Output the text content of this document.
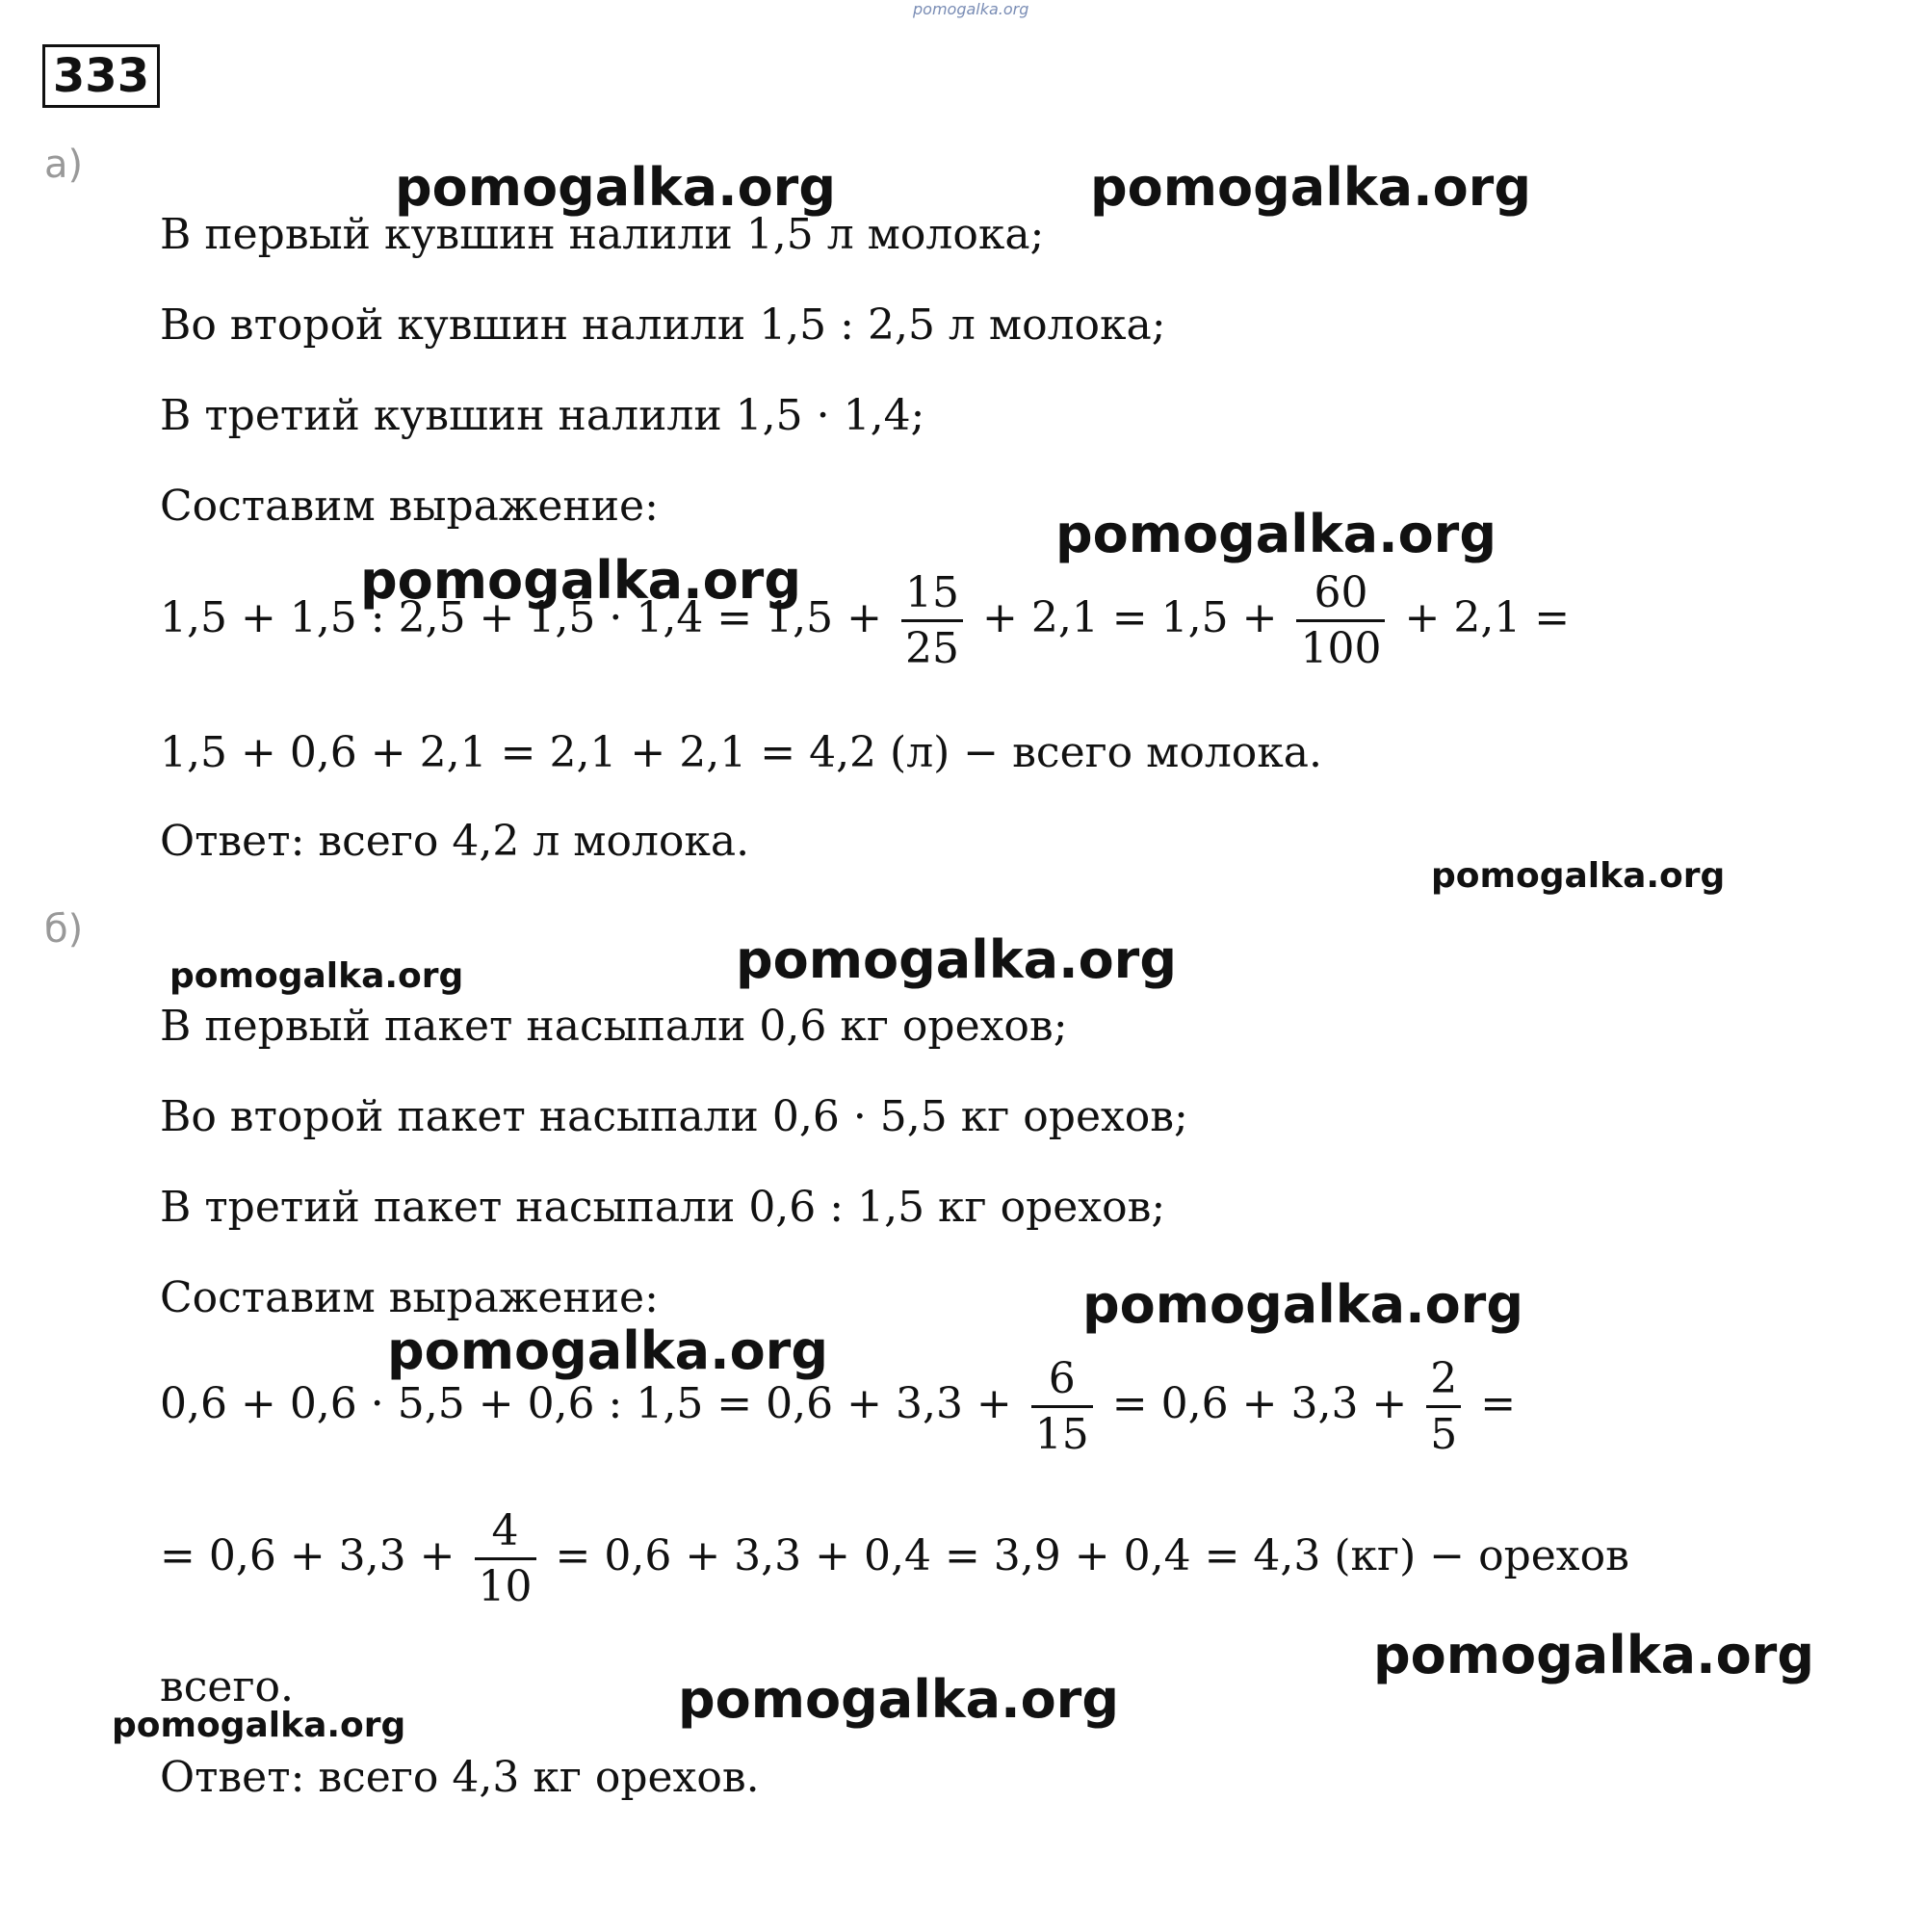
pomogalka.org
333
а)
В первый кувшин налили 1,5 л молока;
Во второй кувшин налили 1,5 : 2,5 л молока;
В третий кувшин налили 1,5 · 1,4;
Составим выражение:
1,5 + 1,5 : $2,5 + 1,5 \cdot 1,4 = 1,5 + \frac{15}{25} + 2,1 = 1,5 + \frac{60}{100} + 2,1$ =
1,5 + 0,6 + 2,1 = 2,1 + 2,1 = 4,2 (л) − всего молока.
Ответ: всего 4,2 л молока.
б)
В первый пакет насыпали 0,6 кг орехов;
Во второй пакет насыпали 0,6 · 5,5 кг орехов;
В третий пакет насыпали 0,6 : 1,5 кг орехов;
Составим выражение:
0,6 + 0,6 · 5,5 + 0,6 : $1,5 = 0,6 + 3,3 + \frac{6}{15} = 0,6 + 3,3 + \frac{2}{5}$ =
= $0,6 + 3,3 + \frac{4}{10} = 0,6 + 3,3 + 0,4 = 3,9 + 0,4 = 4,3$ (кг) − орехов
всего.
Ответ: всего 4,3 кг орехов.
pomogalka.org	pomogalka.org
pomogalka.org
pomogalka.org
pomogalka.org
pomogalka.org
pomogalka.org
pomogalka.org
pomogalka.org
pomogalka.org
pomogalka.org
pomogalka.org
